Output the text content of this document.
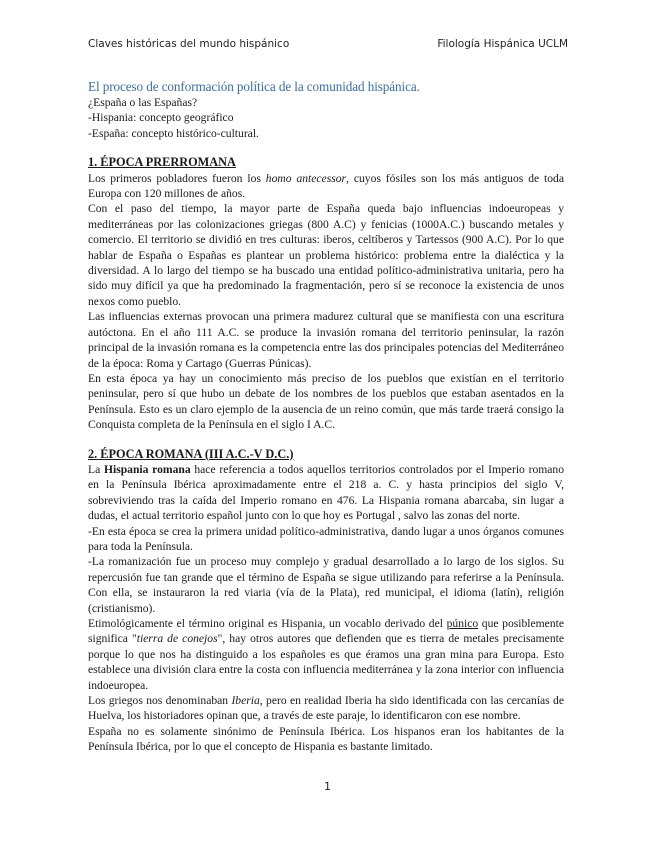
Claves históricas del mundo hispánico	Filología Hispánica UCLM

El proceso de conformación política de la comunidad hispánica.

¿España o las Españas?

-Hispania: concepto geográfico

-España: concepto histórico-cultural.

1. ÉPOCA PRERROMANA

Los primeros pobladores fueron los homo antecessor, cuyos fósiles son los más antiguos de toda Europa con 120 millones de años.

Con el paso del tiempo, la mayor parte de España queda bajo influencias indoeuropeas y mediterráneas por las colonizaciones griegas (800 A.C) y fenicias (1000A.C.) buscando metales y comercio. El territorio se dividió en tres culturas: iberos, celtíberos y Tartessos (900 A.C). Por lo que hablar de España o Españas es plantear un problema histórico: problema entre la dialéctica y la diversidad. A lo largo del tiempo se ha buscado una entidad político-administrativa unitaria, pero ha sido muy difícil ya que ha predominado la fragmentación, pero sí se reconoce la existencia de unos nexos como pueblo.

Las influencias externas provocan una primera madurez cultural que se manifiesta con una escritura autóctona. En el año 111 A.C. se produce la invasión romana del territorio peninsular, la razón principal de la invasión romana es la competencia entre las dos principales potencias del Mediterráneo de la época: Roma y Cartago (Guerras Púnicas).

En esta época ya hay un conocimiento más preciso de los pueblos que existían en el territorio peninsular, pero sí que hubo un debate de los nombres de los pueblos que estaban asentados en la Península. Esto es un claro ejemplo de la ausencia de un reino común, que más tarde traerá consigo la Conquista completa de la Península en el siglo I A.C.

2. ÉPOCA ROMANA (III A.C.-V D.C.)

La Hispania romana hace referencia a todos aquellos territorios controlados por el Imperio romano en la Península Ibérica aproximadamente entre el 218 a. C. y hasta principios del siglo V, sobreviviendo tras la caída del Imperio romano en 476. La Hispania romana abarcaba, sin lugar a dudas, el actual territorio español junto con lo que hoy es Portugal , salvo las zonas del norte.

-En esta época se crea la primera unidad político-administrativa, dando lugar a unos órganos comunes para toda la Península.

-La romanización fue un proceso muy complejo y gradual desarrollado a lo largo de los siglos. Su repercusión fue tan grande que el término de España se sigue utilizando para referirse a la Península. Con ella, se instauraron la red viaria (vía de la Plata), red municipal, el idioma (latín), religión (cristianismo).

Etimológicamente el término original es Hispania, un vocablo derivado del púnico que posiblemente significa "tierra de conejos", hay otros autores que defienden que es tierra de metales precisamente porque lo que nos ha distinguido a los españoles es que éramos una gran mina para Europa. Esto establece una división clara entre la costa con influencia mediterránea y la zona interior con influencia indoeuropea.

Los griegos nos denominaban Iberia, pero en realidad Iberia ha sido identificada con las cercanías de Huelva, los historiadores opinan que, a través de este paraje, lo identificaron con ese nombre.

España no es solamente sinónimo de Península Ibérica. Los hispanos eran los habitantes de la Península Ibérica, por lo que el concepto de Hispania es bastante limitado.

1
